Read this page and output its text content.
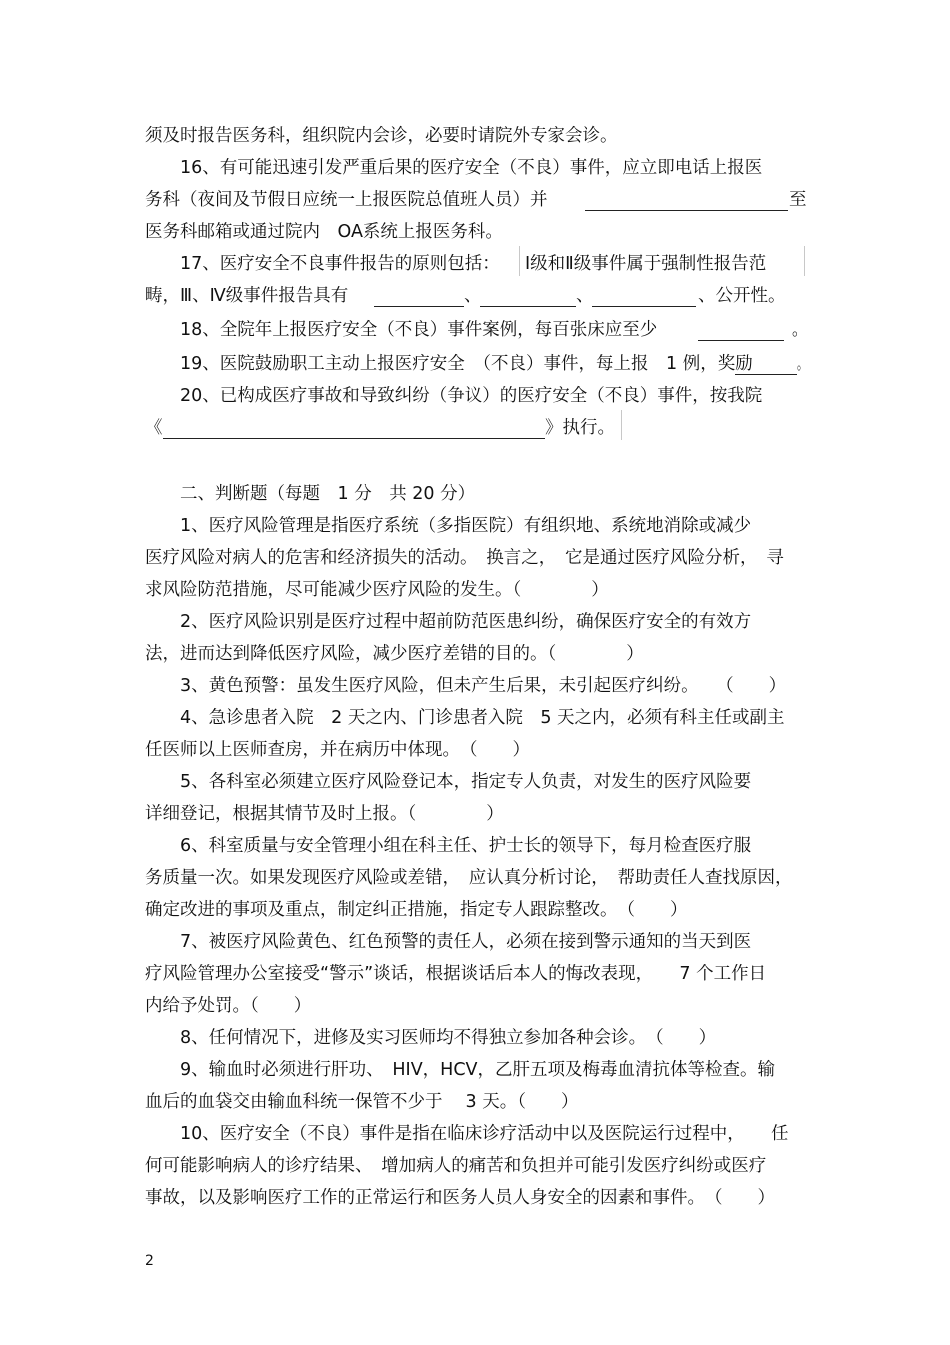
须及时报告医务科，组织院内会诊，必要时请院外专家会诊。
16、有可能迅速引发严重后果的医疗安全（不良）事件，应立即电话上报医
务科（夜间及节假日应统一上报医院总值班人员）并	至
医务科邮箱或通过院内　OA系统上报医务科。
17、医疗安全不良事件报告的原则包括： Ⅰ级和Ⅱ级事件属于强制性报告范
畴，Ⅲ、Ⅳ级事件报告具有	、	、	、公开性。
18、全院年上报医疗安全（不良）事件案例，每百张床应至少	。
19、医院鼓励职工主动上报医疗安全　（不良）事件，每上报　1 例，奖励	。
20、已构成医疗事故和导致纠纷（争议）的医疗安全（不良）事件，按我院
《	》执行。
二、判断题（每题　1 分　共 20 分）
1、医疗风险管理是指医疗系统（多指医院）有组织地、系统地消除或减少
医疗风险对病人的危害和经济损失的活动。　换言之，　它是通过医疗风险分析，　寻
求风险防范措施，尽可能减少医疗风险的发生。（　　　　）
2、医疗风险识别是医疗过程中超前防范医患纠纷，确保医疗安全的有效方
法，进而达到降低医疗风险，减少医疗差错的目的。（　　　　）
3、黄色预警：虽发生医疗风险，但未产生后果，未引起医疗纠纷。　　（　　）
4、急诊患者入院　2 天之内、门诊患者入院　5 天之内，必须有科主任或副主
任医师以上医师查房，并在病历中体现。　（　　）
5、各科室必须建立医疗风险登记本，指定专人负责，对发生的医疗风险要
详细登记，根据其情节及时上报。（　　　　）
6、科室质量与安全管理小组在科主任、护士长的领导下，每月检查医疗服
务质量一次。如果发现医疗风险或差错，　应认真分析讨论，　帮助责任人查找原因，
确定改进的事项及重点，制定纠正措施，指定专人跟踪整改。　（　　）
7、被医疗风险黄色、红色预警的责任人，必须在接到警示通知的当天到医
疗风险管理办公室接受“警示”谈话，根据谈话后本人的悔改表现，　　7 个工作日
内给予处罚。（　　）
8、任何情况下，进修及实习医师均不得独立参加各种会诊。　（　　）
9、输血时必须进行肝功、　HIV，HCV，乙肝五项及梅毒血清抗体等检查。输
血后的血袋交由输血科统一保管不少于　 3 天。（　　）
10、医疗安全（不良）事件是指在临床诊疗活动中以及医院运行过程中，　　任
何可能影响病人的诊疗结果、　增加病人的痛苦和负担并可能引发医疗纠纷或医疗
事故，以及影响医疗工作的正常运行和医务人员人身安全的因素和事件。　（　　）
2
